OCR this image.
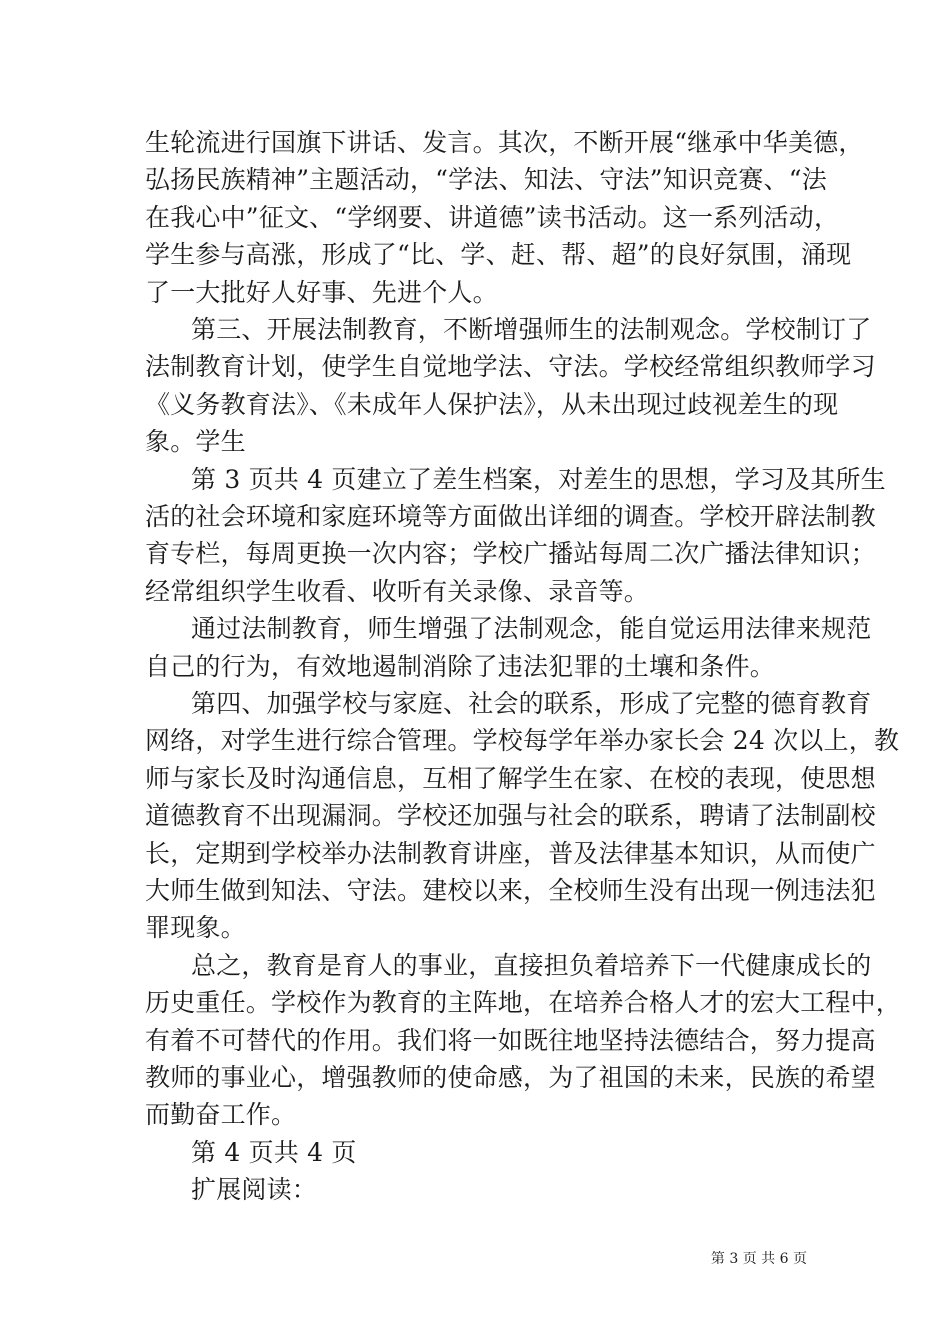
生轮流进行国旗下讲话、发言。其次，不断开展“继承中华美德，
弘扬民族精神”主题活动，“学法、知法、守法”知识竞赛、“法
在我心中”征文、“学纲要、讲道德”读书活动。这一系列活动，
学生参与高涨，形成了“比、学、赶、帮、超”的良好氛围，涌现
了一大批好人好事、先进个人。
第三、开展法制教育，不断增强师生的法制观念。学校制订了
法制教育计划，使学生自觉地学法、守法。学校经常组织教师学习
《义务教育法》、《未成年人保护法》，从未出现过歧视差生的现
象。学生
第 3 页共 4 页建立了差生档案，对差生的思想，学习及其所生
活的社会环境和家庭环境等方面做出详细的调查。学校开辟法制教
育专栏，每周更换一次内容；学校广播站每周二次广播法律知识；
经常组织学生收看、收听有关录像、录音等。
通过法制教育，师生增强了法制观念，能自觉运用法律来规范
自己的行为，有效地遏制消除了违法犯罪的土壤和条件。
第四、加强学校与家庭、社会的联系，形成了完整的德育教育
网络，对学生进行综合管理。学校每学年举办家长会 24 次以上，教
师与家长及时沟通信息，互相了解学生在家、在校的表现，使思想
道德教育不出现漏洞。学校还加强与社会的联系，聘请了法制副校
长，定期到学校举办法制教育讲座，普及法律基本知识，从而使广
大师生做到知法、守法。建校以来，全校师生没有出现一例违法犯
罪现象。
总之，教育是育人的事业，直接担负着培养下一代健康成长的
历史重任。学校作为教育的主阵地，在培养合格人才的宏大工程中，
有着不可替代的作用。我们将一如既往地坚持法德结合，努力提高
教师的事业心，增强教师的使命感，为了祖国的未来，民族的希望
而勤奋工作。
第 4 页共 4 页
扩展阅读：
第 3 页 共 6 页
